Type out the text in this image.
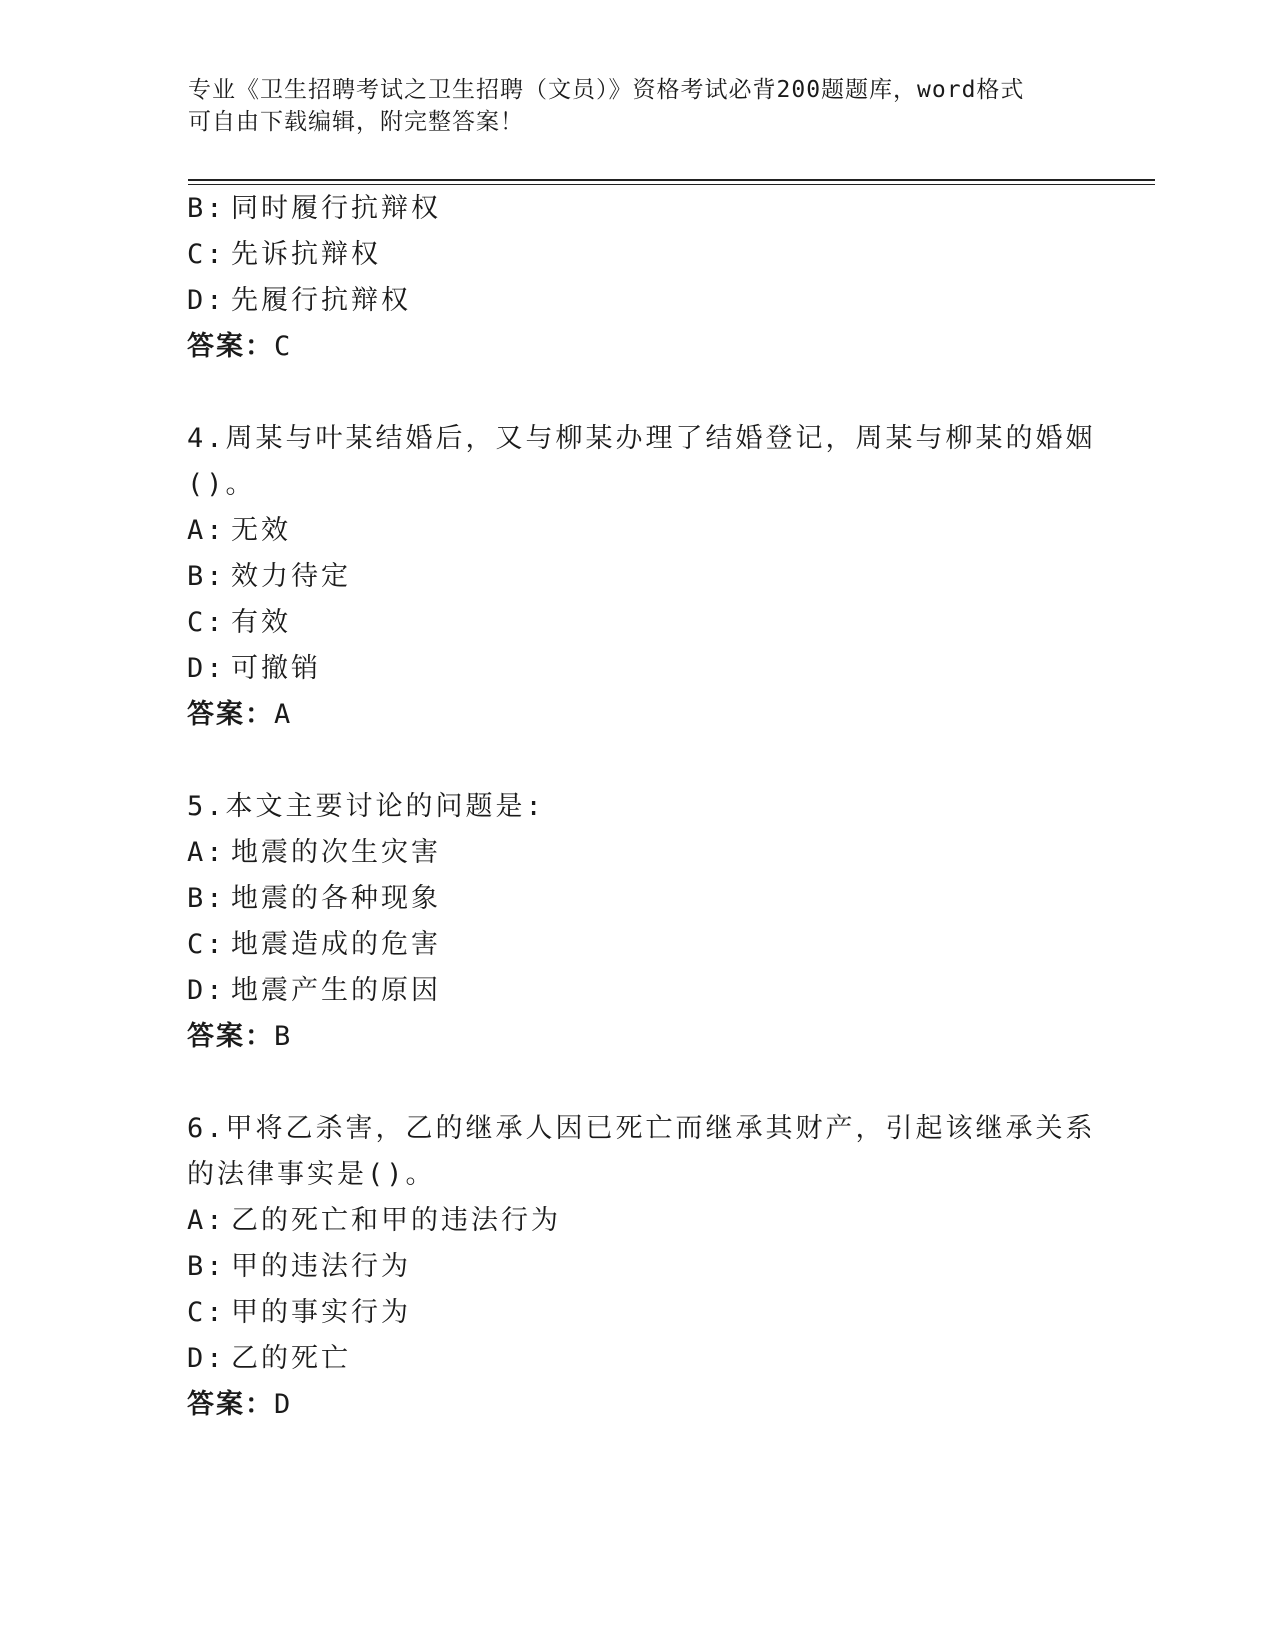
专业《卫生招聘考试之卫生招聘（文员）》资格考试必背200题题库，word格式
可自由下载编辑，附完整答案！
B: 同时履行抗辩权
C: 先诉抗辩权
D: 先履行抗辩权
答案：C
4.周某与叶某结婚后，又与柳某办理了结婚登记，周某与柳某的婚姻
()。
A: 无效
B: 效力待定
C: 有效
D: 可撤销
答案：A
5.本文主要讨论的问题是:
A: 地震的次生灾害
B: 地震的各种现象
C: 地震造成的危害
D: 地震产生的原因
答案：B
6.甲将乙杀害，乙的继承人因已死亡而继承其财产，引起该继承关系
的法律事实是()。
A: 乙的死亡和甲的违法行为
B: 甲的违法行为
C: 甲的事实行为
D: 乙的死亡
答案：D
